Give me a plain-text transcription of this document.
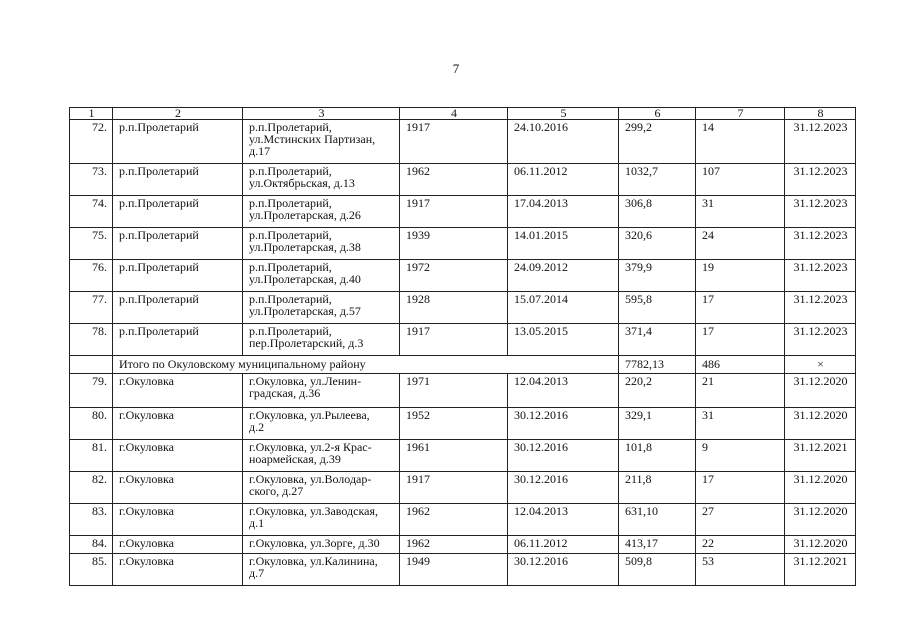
7
1	2	3	4	5	6	7	8
72.	р.п.Пролетарий	р.п.Пролетарий,
ул.Мстинских Партизан,
д.17	1917	24.10.2016	299,2	14	31.12.2023
73.	р.п.Пролетарий	р.п.Пролетарий,
ул.Октябрьская, д.13	1962	06.11.2012	1032,7	107	31.12.2023
74.	р.п.Пролетарий	р.п.Пролетарий,
ул.Пролетарская, д.26	1917	17.04.2013	306,8	31	31.12.2023
75.	р.п.Пролетарий	р.п.Пролетарий,
ул.Пролетарская, д.38	1939	14.01.2015	320,6	24	31.12.2023
76.	р.п.Пролетарий	р.п.Пролетарий,
ул.Пролетарская, д.40	1972	24.09.2012	379,9	19	31.12.2023
77.	р.п.Пролетарий	р.п.Пролетарий,
ул.Пролетарская, д.57	1928	15.07.2014	595,8	17	31.12.2023
78.	р.п.Пролетарий	р.п.Пролетарий,
пер.Пролетарский, д.3	1917	13.05.2015	371,4	17	31.12.2023
	Итого по Окуловскому муниципальному району				7782,13	486	×
79.	г.Окуловка	г.Окуловка, ул.Ленин-
градская, д.36	1971	12.04.2013	220,2	21	31.12.2020
80.	г.Окуловка	г.Окуловка, ул.Рылеева,
д.2	1952	30.12.2016	329,1	31	31.12.2020
81.	г.Окуловка	г.Окуловка, ул.2-я Крас-
ноармейская, д.39	1961	30.12.2016	101,8	9	31.12.2021
82.	г.Окуловка	г.Окуловка, ул.Володар-
ского, д.27	1917	30.12.2016	211,8	17	31.12.2020
83.	г.Окуловка	г.Окуловка, ул.Заводская,
д.1	1962	12.04.2013	631,10	27	31.12.2020
84.	г.Окуловка	г.Окуловка, ул.Зорге, д.30	1962	06.11.2012	413,17	22	31.12.2020
85.	г.Окуловка	г.Окуловка, ул.Калинина,
д.7	1949	30.12.2016	509,8	53	31.12.2021
